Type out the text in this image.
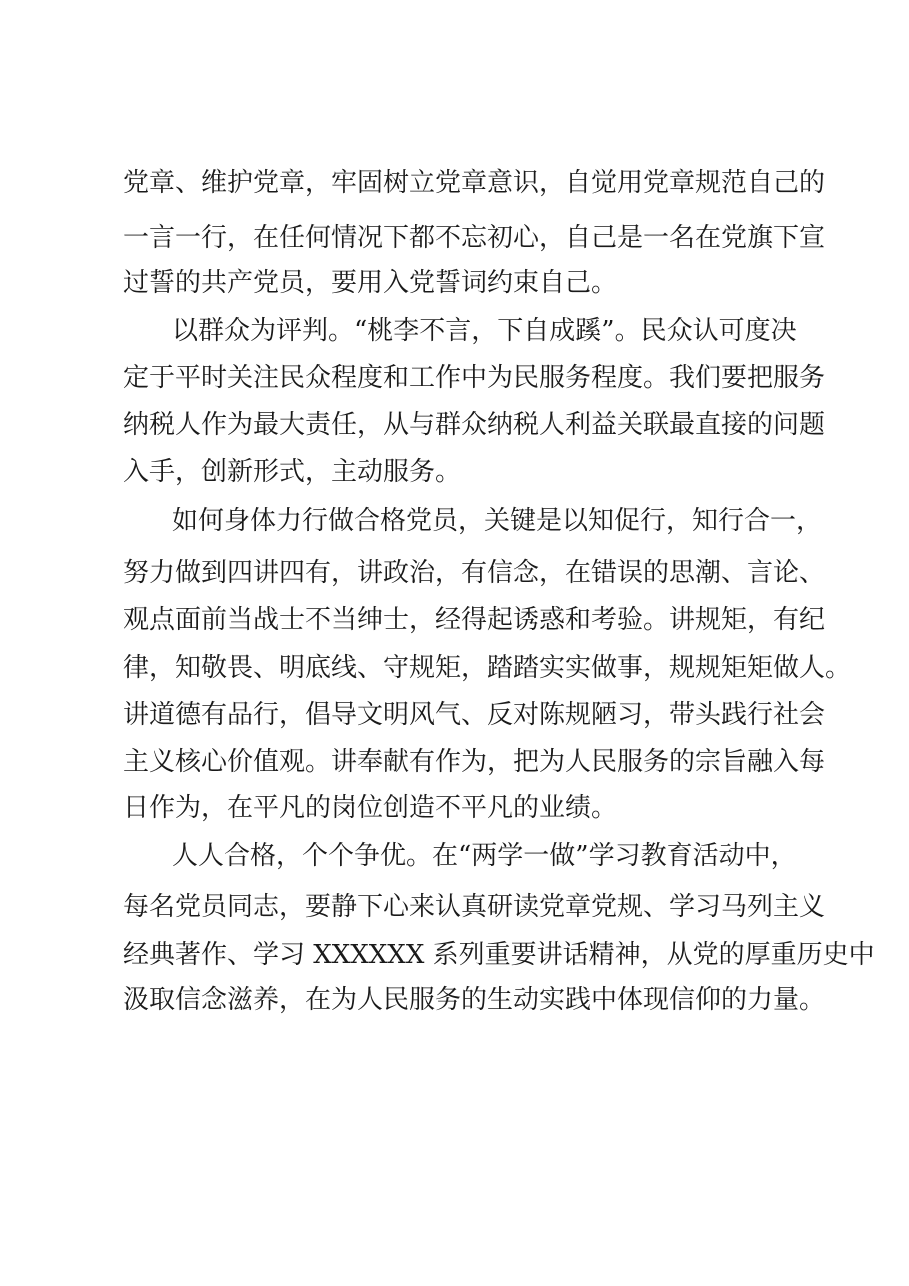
党章、维护党章，牢固树立党章意识，自觉用党章规范自己的
一言一行，在任何情况下都不忘初心，自己是一名在党旗下宣
过誓的共产党员，要用入党誓词约束自己。
以群众为评判。“桃李不言，下自成蹊”。民众认可度决
定于平时关注民众程度和工作中为民服务程度。我们要把服务
纳税人作为最大责任，从与群众纳税人利益关联最直接的问题
入手，创新形式，主动服务。
如何身体力行做合格党员，关键是以知促行，知行合一，
努力做到四讲四有，讲政治，有信念，在错误的思潮、言论、
观点面前当战士不当绅士，经得起诱惑和考验。讲规矩，有纪
律，知敬畏、明底线、守规矩，踏踏实实做事，规规矩矩做人。
讲道德有品行，倡导文明风气、反对陈规陋习，带头践行社会
主义核心价值观。讲奉献有作为，把为人民服务的宗旨融入每
日作为，在平凡的岗位创造不平凡的业绩。
人人合格，个个争优。在“两学一做”学习教育活动中，
每名党员同志，要静下心来认真研读党章党规、学习马列主义
经典著作、学习 XXXXXX 系列重要讲话精神，从党的厚重历史中
汲取信念滋养，在为人民服务的生动实践中体现信仰的力量。
